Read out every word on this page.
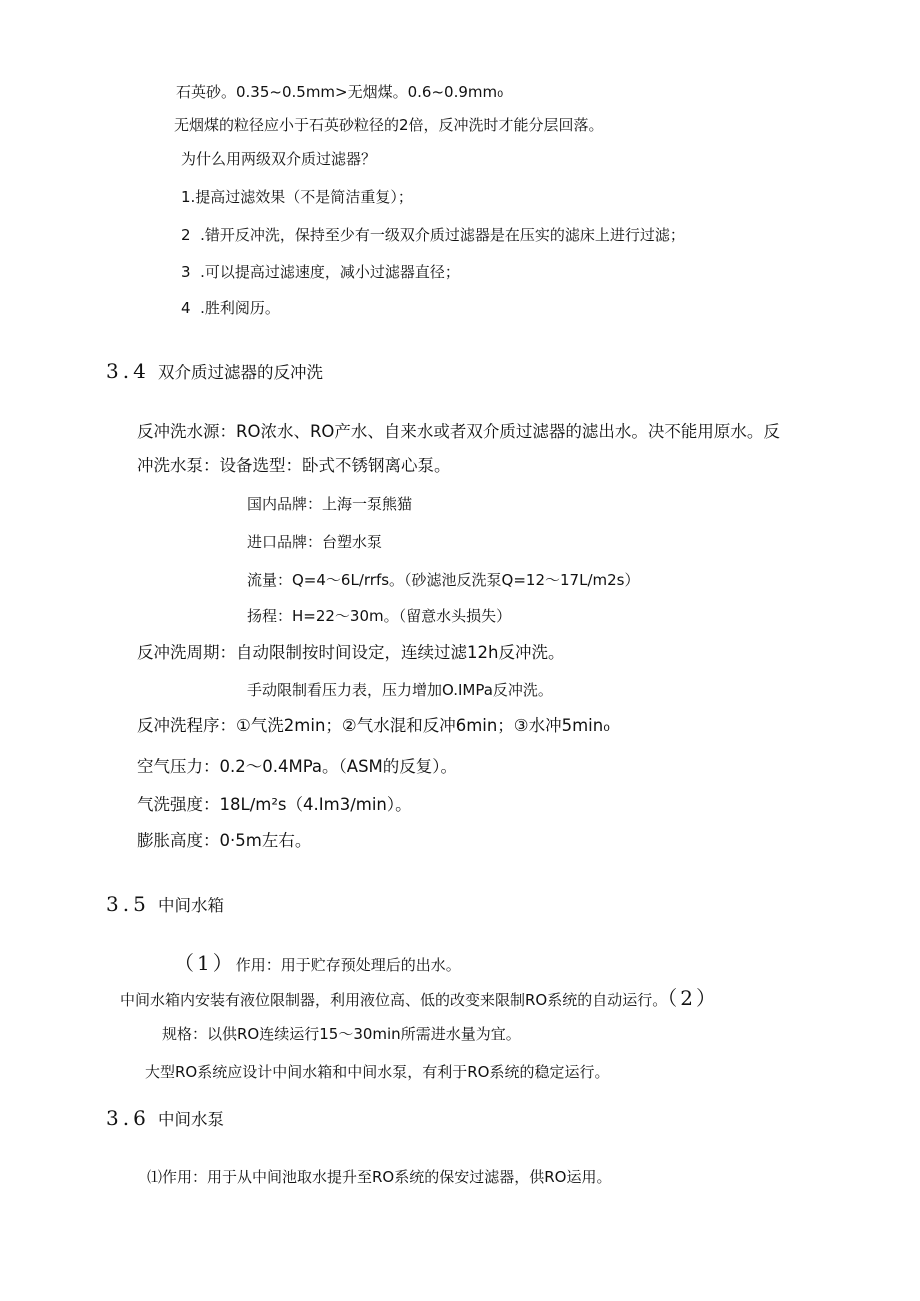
石英砂。0.35~0.5mm>无烟煤。0.6~0.9mm₀
无烟煤的粒径应小于石英砂粒径的2倍，反冲洗时才能分层回落。
为什么用两级双介质过滤器？
1.提高过滤效果（不是简洁重复）；
2  .错开反冲洗，保持至少有一级双介质过滤器是在压实的滤床上进行过滤；
3  .可以提高过滤速度，减小过滤器直径；
4  .胜利阅历。
3.4 双介质过滤器的反冲洗
反冲洗水源：RO浓水、RO产水、自来水或者双介质过滤器的滤出水。决不能用原水。反
冲洗水泵：设备选型：卧式不锈钢离心泵。
国内品牌：上海一泵熊猫
进口品牌：台塑水泵
流量：Q=4～6L∕rrfs。（砂滤池反洗泵Q=12～17L/m2s）
扬程：H=22～30m。（留意水头损失）
反冲洗周期：自动限制按时间设定，连续过滤12h反冲洗。
手动限制看压力表，压力增加O.IMPa反冲洗。
反冲洗程序：①气洗2min；②气水混和反冲6min；③水冲5min₀
空气压力：0.2～0.4MPa。（ASM的反复）。
气洗强度：18L∕m²s（4.Im3∕min）。
膨胀高度：0·5m左右。
3.5 中间水箱
（1）作用：用于贮存预处理后的出水。
中间水箱内安装有液位限制器，利用液位高、低的改变来限制RO系统的自动运行。（2）
规格：以供RO连续运行15～30min所需进水量为宜。
大型RO系统应设计中间水箱和中间水泵，有利于RO系统的稳定运行。
3.6 中间水泵
⑴作用：用于从中间池取水提升至RO系统的保安过滤器，供RO运用。
